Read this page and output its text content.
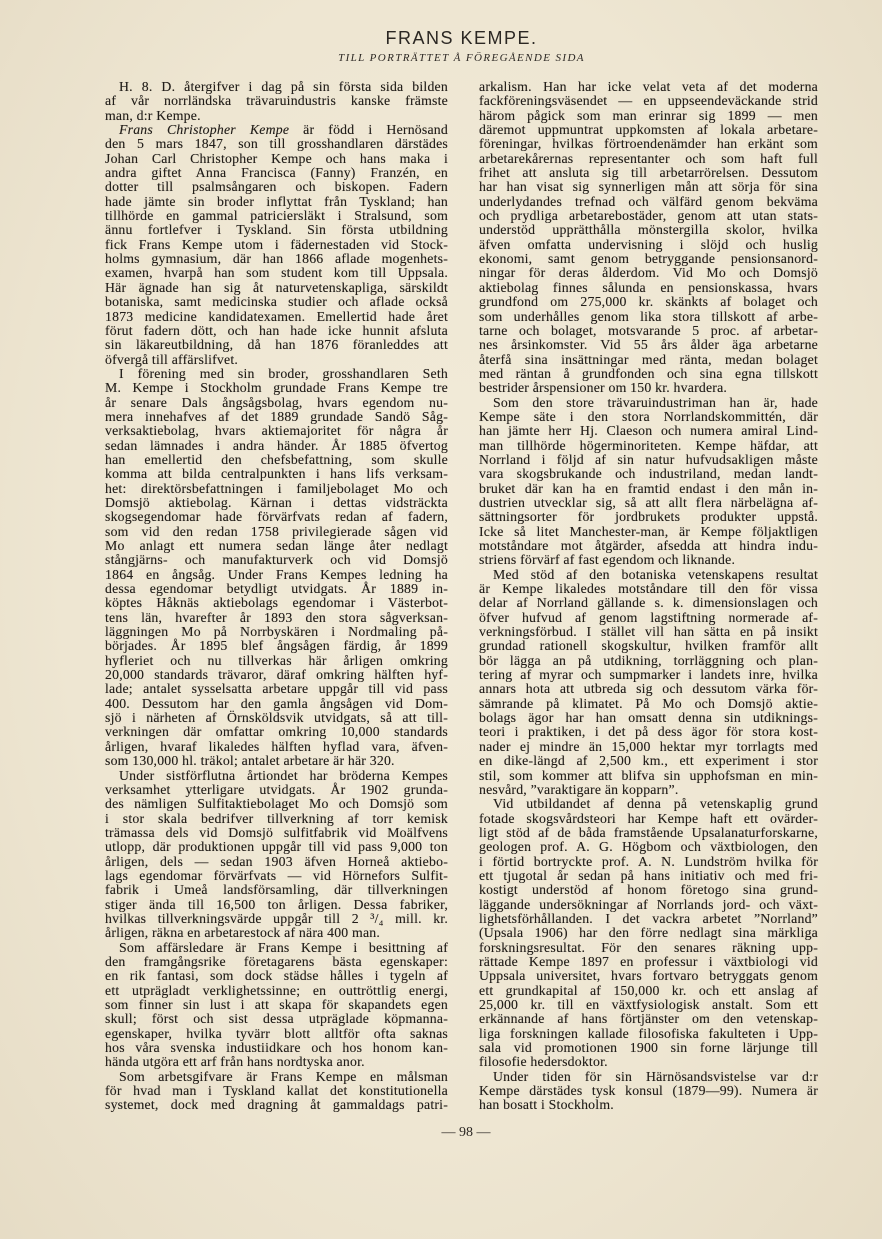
FRANS KEMPE.
TILL PORTRÄTTET Å FÖREGÅENDE SIDA
H. 8. D. återgifver i dag på sin första sida bilden
af vår norrländska trävaruindustris kanske främste
man, d:r Kempe.
Frans Christopher Kempe är född i Hernösand
den 5 mars 1847, son till grosshandlaren därstädes
Johan Carl Christopher Kempe och hans maka i
andra giftet Anna Francisca (Fanny) Franzén, en
dotter till psalmsångaren och biskopen. Fadern
hade jämte sin broder inflyttat från Tyskland; han
tillhörde en gammal patriciersläkt i Stralsund, som
ännu fortlefver i Tyskland. Sin första utbildning
fick Frans Kempe utom i fädernestaden vid Stock-
holms gymnasium, där han 1866 aflade mogenhets-
examen, hvarpå han som student kom till Uppsala.
Här ägnade han sig åt naturvetenskapliga, särskildt
botaniska, samt medicinska studier och aflade också
1873 medicine kandidatexamen. Emellertid hade året
förut fadern dött, och han hade icke hunnit afsluta
sin läkareutbildning, då han 1876 föranleddes att
öfvergå till affärslifvet.
I förening med sin broder, grosshandlaren Seth
M. Kempe i Stockholm grundade Frans Kempe tre
år senare Dals ångsågsbolag, hvars egendom nu-
mera innehafves af det 1889 grundade Sandö Såg-
verksaktiebolag, hvars aktiemajoritet för några år
sedan lämnades i andra händer. År 1885 öfvertog
han emellertid den chefsbefattning, som skulle
komma att bilda centralpunkten i hans lifs verksam-
het: direktörsbefattningen i familjebolaget Mo och
Domsjö aktiebolag. Kärnan i dettas vidsträckta
skogsegendomar hade förvärfvats redan af fadern,
som vid den redan 1758 privilegierade sågen vid
Mo anlagt ett numera sedan länge åter nedlagt
stångjärns- och manufakturverk och vid Domsjö
1864 en ångsåg. Under Frans Kempes ledning ha
dessa egendomar betydligt utvidgats. År 1889 in-
köptes Håknäs aktiebolags egendomar i Västerbot-
tens län, hvarefter år 1893 den stora sågverksan-
läggningen Mo på Norrbyskären i Nordmaling på-
börjades. År 1895 blef ångsågen färdig, år 1899
hyfleriet och nu tillverkas här årligen omkring
20,000 standards trävaror, däraf omkring hälften hyf-
lade; antalet sysselsatta arbetare uppgår till vid pass
400. Dessutom har den gamla ångsågen vid Dom-
sjö i närheten af Örnsköldsvik utvidgats, så att till-
verkningen där omfattar omkring 10,000 standards
årligen, hvaraf likaledes hälften hyflad vara, äfven-
som 130,000 hl. träkol; antalet arbetare är här 320.
Under sistförflutna årtiondet har bröderna Kempes
verksamhet ytterligare utvidgats. År 1902 grunda-
des nämligen Sulfitaktiebolaget Mo och Domsjö som
i stor skala bedrifver tillverkning af torr kemisk
trämassa dels vid Domsjö sulfitfabrik vid Moälfvens
utlopp, där produktionen uppgår till vid pass 9,000 ton
årligen, dels — sedan 1903 äfven Horneå aktiebo-
lags egendomar förvärfvats — vid Hörnefors Sulfit-
fabrik i Umeå landsförsamling, där tillverkningen
stiger ända till 16,500 ton årligen. Dessa fabriker,
hvilkas tillverkningsvärde uppgår till 2 ³/₄ mill. kr.
årligen, räkna en arbetarestock af nära 400 man.
Som affärsledare är Frans Kempe i besittning af
den framgångsrike företagarens bästa egenskaper:
en rik fantasi, som dock städse hålles i tygeln af
ett utprägladt verklighetssinne; en outtröttlig energi,
som finner sin lust i att skapa för skapandets egen
skull; först och sist dessa utpräglade köpmanna-
egenskaper, hvilka tyvärr blott alltför ofta saknas
hos våra svenska industiidkare och hos honom kan-
hända utgöra ett arf från hans nordtyska anor.
Som arbetsgifvare är Frans Kempe en målsman
för hvad man i Tyskland kallat det konstitutionella
systemet, dock med dragning åt gammaldags patri-
arkalism. Han har icke velat veta af det moderna
fackföreningsväsendet — en uppseendeväckande strid
härom pågick som man erinrar sig 1899 — men
däremot uppmuntrat uppkomsten af lokala arbetare-
föreningar, hvilkas förtroendenämder han erkänt som
arbetarekårernas representanter och som haft full
frihet att ansluta sig till arbetarrörelsen. Dessutom
har han visat sig synnerligen mån att sörja för sina
underlydandes trefnad och välfärd genom bekväma
och prydliga arbetarebostäder, genom att utan stats-
understöd upprätthålla mönstergilla skolor, hvilka
äfven omfatta undervisning i slöjd och huslig
ekonomi, samt genom betryggande pensionsanord-
ningar för deras ålderdom. Vid Mo och Domsjö
aktiebolag finnes sålunda en pensionskassa, hvars
grundfond om 275,000 kr. skänkts af bolaget och
som underhålles genom lika stora tillskott af arbe-
tarne och bolaget, motsvarande 5 proc. af arbetar-
nes årsinkomster. Vid 55 års ålder äga arbetarne
återfå sina insättningar med ränta, medan bolaget
med räntan å grundfonden och sina egna tillskott
bestrider årspensioner om 150 kr. hvardera.
Som den store trävaruindustriman han är, hade
Kempe säte i den stora Norrlandskommittén, där
han jämte herr Hj. Claeson och numera amiral Lind-
man tillhörde högerminoriteten. Kempe häfdar, att
Norrland i följd af sin natur hufvudsakligen måste
vara skogsbrukande och industriland, medan landt-
bruket där kan ha en framtid endast i den mån in-
dustrien utvecklar sig, så att allt flera närbelägna af-
sättningsorter för jordbrukets produkter uppstå.
Icke så litet Manchester-man, är Kempe följaktligen
motståndare mot åtgärder, afsedda att hindra indu-
striens förvärf af fast egendom och liknande.
Med stöd af den botaniska vetenskapens resultat
är Kempe likaledes motståndare till den för vissa
delar af Norrland gällande s. k. dimensionslagen och
öfver hufvud af genom lagstiftning normerade af-
verkningsförbud. I stället vill han sätta en på insikt
grundad rationell skogskultur, hvilken framför allt
bör lägga an på utdikning, torrläggning och plan-
tering af myrar och sumpmarker i landets inre, hvilka
annars hota att utbreda sig och dessutom värka för-
sämrande på klimatet. På Mo och Domsjö aktie-
bolags ägor har han omsatt denna sin utdiknings-
teori i praktiken, i det på dess ägor för stora kost-
nader ej mindre än 15,000 hektar myr torrlagts med
en dike-längd af 2,500 km., ett experiment i stor
stil, som kommer att blifva sin upphofsman en min-
nesvård, ”varaktigare än kopparn”.
Vid utbildandet af denna på vetenskaplig grund
fotade skogsvårdsteori har Kempe haft ett ovärder-
ligt stöd af de båda framstående Upsalanaturforskarne,
geologen prof. A. G. Högbom och växtbiologen, den
i förtid bortryckte prof. A. N. Lundström hvilka för
ett tjugotal år sedan på hans initiativ och med fri-
kostigt understöd af honom företogo sina grund-
läggande undersökningar af Norrlands jord- och växt-
lighetsförhållanden. I det vackra arbetet ”Norrland”
(Upsala 1906) har den förre nedlagt sina märkliga
forskningsresultat. För den senares räkning upp-
rättade Kempe 1897 en professur i växtbiologi vid
Uppsala universitet, hvars fortvaro betryggats genom
ett grundkapital af 150,000 kr. och ett anslag af
25,000 kr. till en växtfysiologisk anstalt. Som ett
erkännande af hans förtjänster om den vetenskap-
liga forskningen kallade filosofiska fakulteten i Upp-
sala vid promotionen 1900 sin forne lärjunge till
filosofie hedersdoktor.
Under tiden för sin Härnösandsvistelse var d:r
Kempe därstädes tysk konsul (1879—99). Numera är
han bosatt i Stockholm.
— 98 —
